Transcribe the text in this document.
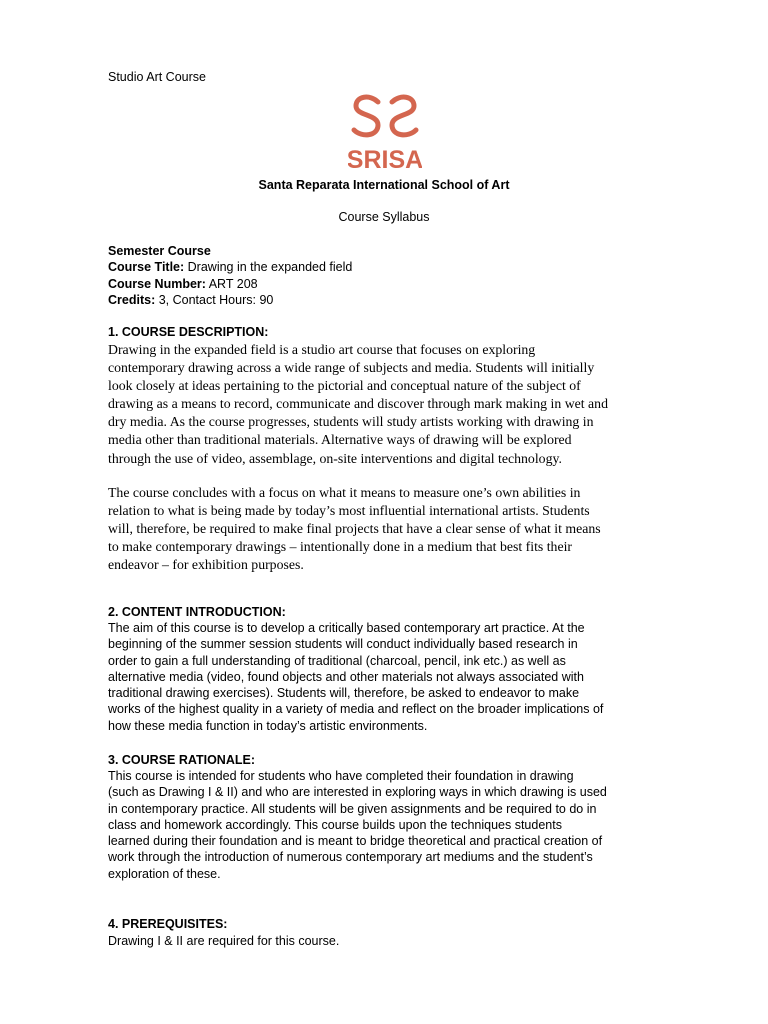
Studio Art Course
SRISA
Santa Reparata International School of Art
Course Syllabus
Semester Course
Course Title: Drawing in the expanded field
Course Number: ART 208
Credits: 3, Contact Hours: 90
1. COURSE DESCRIPTION:
Drawing in the expanded field is a studio art course that focuses on exploring
contemporary drawing across a wide range of subjects and media. Students will initially
look closely at ideas pertaining to the pictorial and conceptual nature of the subject of
drawing as a means to record, communicate and discover through mark making in wet and
dry media. As the course progresses, students will study artists working with drawing in
media other than traditional materials. Alternative ways of drawing will be explored
through the use of video, assemblage, on-site interventions and digital technology.
The course concludes with a focus on what it means to measure one’s own abilities in
relation to what is being made by today’s most influential international artists. Students
will, therefore, be required to make final projects that have a clear sense of what it means
to make contemporary drawings – intentionally done in a medium that best fits their
endeavor – for exhibition purposes.
2. CONTENT INTRODUCTION:
The aim of this course is to develop a critically based contemporary art practice. At the
beginning of the summer session students will conduct individually based research in
order to gain a full understanding of traditional (charcoal, pencil, ink etc.) as well as
alternative media (video, found objects and other materials not always associated with
traditional drawing exercises). Students will, therefore, be asked to endeavor to make
works of the highest quality in a variety of media and reflect on the broader implications of
how these media function in today’s artistic environments.
3. COURSE RATIONALE:
This course is intended for students who have completed their foundation in drawing
(such as Drawing I & II) and who are interested in exploring ways in which drawing is used
in contemporary practice. All students will be given assignments and be required to do in
class and homework accordingly. This course builds upon the techniques students
learned during their foundation and is meant to bridge theoretical and practical creation of
work through the introduction of numerous contemporary art mediums and the student’s
exploration of these.
4. PREREQUISITES:
Drawing I & II are required for this course.
